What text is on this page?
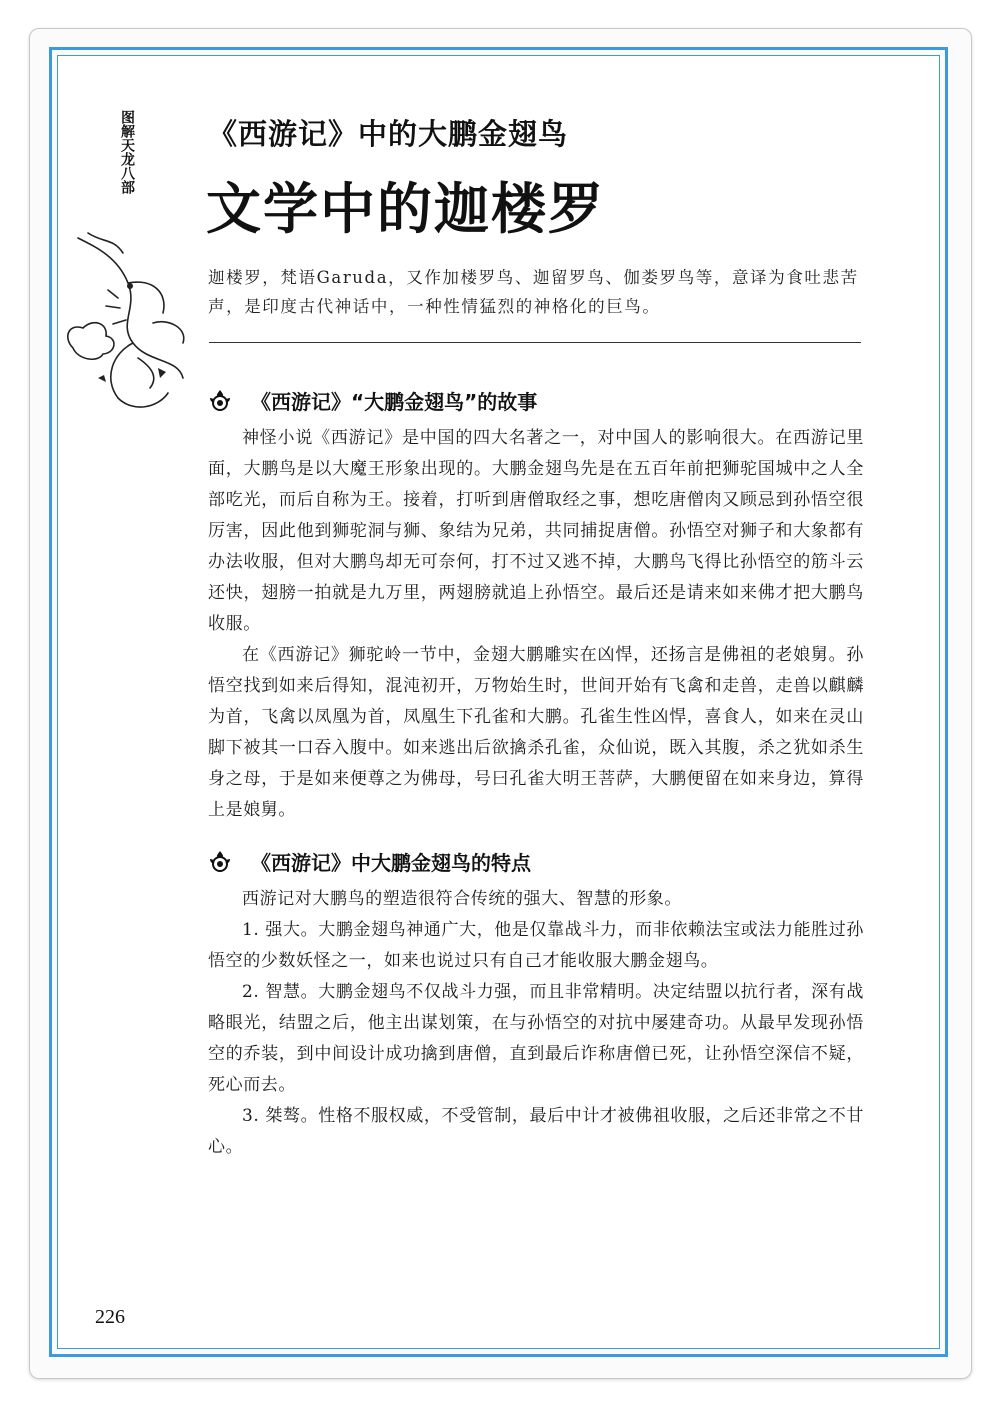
图解天龙八部	《西游记》中的大鹏金翅鸟
文学中的迦楼罗

迦楼罗，梵语Garuda，又作加楼罗鸟、迦留罗鸟、伽娄罗鸟等，意译为食吐悲苦声，是印度古代神话中，一种性情猛烈的神格化的巨鸟。

《西游记》“大鹏金翅鸟”的故事

神怪小说《西游记》是中国的四大名著之一，对中国人的影响很大。在西游记里面，大鹏鸟是以大魔王形象出现的。大鹏金翅鸟先是在五百年前把狮驼国城中之人全部吃光，而后自称为王。接着，打听到唐僧取经之事，想吃唐僧肉又顾忌到孙悟空很厉害，因此他到狮驼洞与狮、象结为兄弟，共同捕捉唐僧。孙悟空对狮子和大象都有办法收服，但对大鹏鸟却无可奈何，打不过又逃不掉，大鹏鸟飞得比孙悟空的筋斗云还快，翅膀一拍就是九万里，两翅膀就追上孙悟空。最后还是请来如来佛才把大鹏鸟收服。

在《西游记》狮驼岭一节中，金翅大鹏雕实在凶悍，还扬言是佛祖的老娘舅。孙悟空找到如来后得知，混沌初开，万物始生时，世间开始有飞禽和走兽，走兽以麒麟为首，飞禽以凤凰为首，凤凰生下孔雀和大鹏。孔雀生性凶悍，喜食人，如来在灵山脚下被其一口吞入腹中。如来逃出后欲擒杀孔雀，众仙说，既入其腹，杀之犹如杀生身之母，于是如来便尊之为佛母，号曰孔雀大明王菩萨，大鹏便留在如来身边，算得上是娘舅。

《西游记》中大鹏金翅鸟的特点

西游记对大鹏鸟的塑造很符合传统的强大、智慧的形象。

1. 强大。大鹏金翅鸟神通广大，他是仅靠战斗力，而非依赖法宝或法力能胜过孙悟空的少数妖怪之一，如来也说过只有自己才能收服大鹏金翅鸟。

2. 智慧。大鹏金翅鸟不仅战斗力强，而且非常精明。决定结盟以抗行者，深有战略眼光，结盟之后，他主出谋划策，在与孙悟空的对抗中屡建奇功。从最早发现孙悟空的乔装，到中间设计成功擒到唐僧，直到最后诈称唐僧已死，让孙悟空深信不疑，死心而去。

3. 桀骜。性格不服权威，不受管制，最后中计才被佛祖收服，之后还非常之不甘心。

226
